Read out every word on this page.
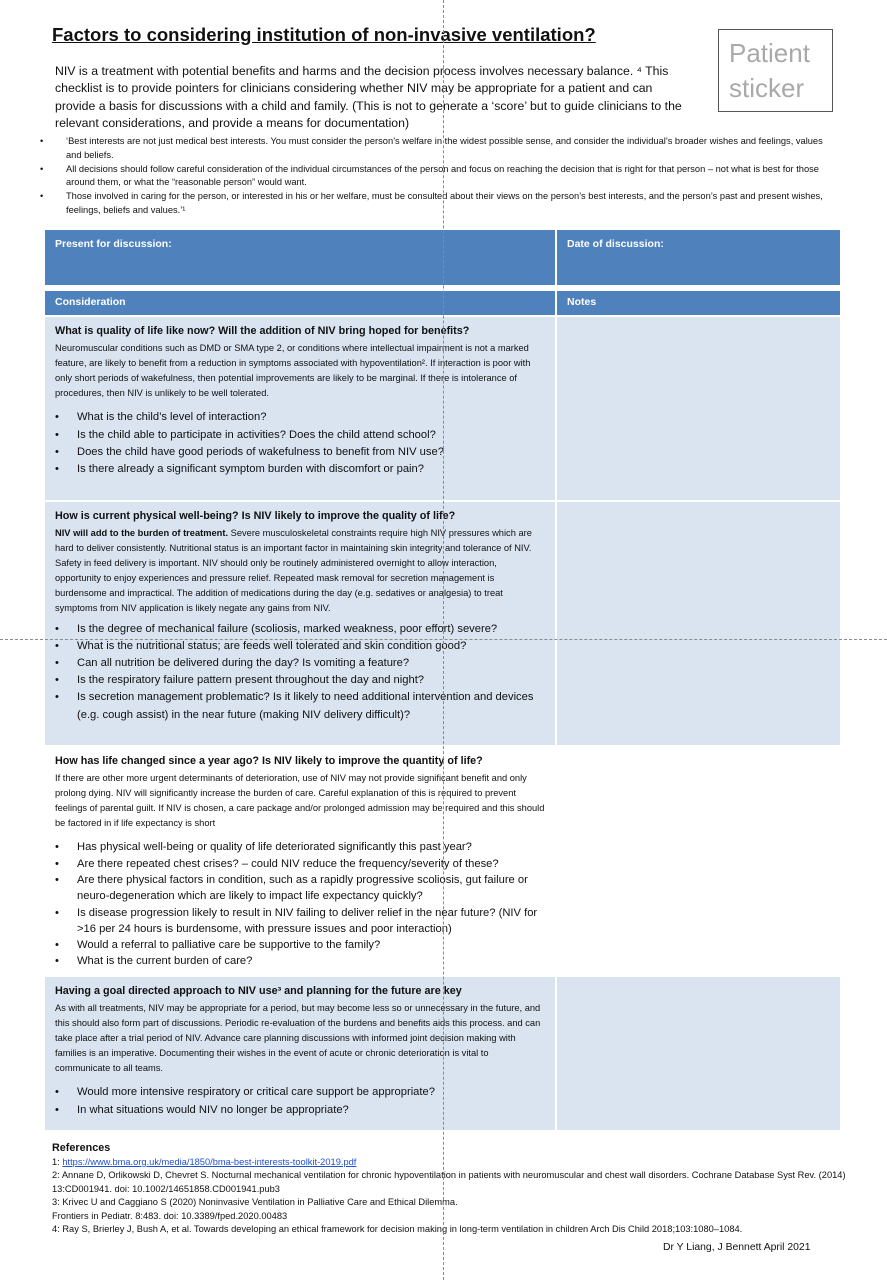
Factors to considering institution of non-invasive ventilation?
Patient
sticker
NIV is a treatment with potential benefits and harms and the decision process involves necessary balance. ⁴ This checklist is to provide pointers for clinicians considering whether NIV may be appropriate for a patient and can provide a basis for discussions with a child and family. (This is not to generate a ‘score’ but to guide clinicians to the relevant considerations, and provide a means for documentation)
• ‘Best interests are not just medical best interests. You must consider the person’s welfare in the widest possible sense, and consider the individual’s broader wishes and feelings, values and beliefs.
• All decisions should follow careful consideration of the individual circumstances of the person and focus on reaching the decision that is right for that person – not what is best for those around them, or what the “reasonable person” would want.
• Those involved in caring for the person, or interested in his or her welfare, must be consulted about their views on the person’s best interests, and the person’s past and present wishes, feelings, beliefs and values.’¹
Present for discussion:	Date of discussion:
Consideration	Notes
What is quality of life like now? Will the addition of NIV bring hoped for benefits?

Neuromuscular conditions such as DMD or SMA type 2, or conditions where intellectual impairment is not a marked feature, are likely to benefit from a reduction in symptoms associated with hypoventilation². If interaction is poor with only short periods of wakefulness, then potential improvements are likely to be marginal. If there is intolerance of procedures, then NIV is unlikely to be well tolerated.

• What is the child’s level of interaction?
• Is the child able to participate in activities? Does the child attend school?
• Does the child have good periods of wakefulness to benefit from NIV use?
• Is there already a significant symptom burden with discomfort or pain?
How is current physical well-being? Is NIV likely to improve the quality of life?

NIV will add to the burden of treatment. Severe musculoskeletal constraints require high NIV pressures which are hard to deliver consistently. Nutritional status is an important factor in maintaining skin integrity and tolerance of NIV. Safety in feed delivery is important. NIV should only be routinely administered overnight to allow interaction, opportunity to enjoy experiences and pressure relief. Repeated mask removal for secretion management is burdensome and impractical. The addition of medications during the day (e.g. sedatives or analgesia) to treat symptoms from NIV application is likely negate any gains from NIV.

• Is the degree of mechanical failure (scoliosis, marked weakness, poor effort) severe?
• What is the nutritional status; are feeds well tolerated and skin condition good?
• Can all nutrition be delivered during the day? Is vomiting a feature?
• Is the respiratory failure pattern present throughout the day and night?
• Is secretion management problematic? Is it likely to need additional intervention and devices (e.g. cough assist) in the near future (making NIV delivery difficult)?
How has life changed since a year ago? Is NIV likely to improve the quantity of life?

If there are other more urgent determinants of deterioration, use of NIV may not provide significant benefit and only prolong dying. NIV will significantly increase the burden of care. Careful explanation of this is required to prevent feelings of parental guilt. If NIV is chosen, a care package and/or prolonged admission may be required and this should be factored in if life expectancy is short

• Has physical well-being or quality of life deteriorated significantly this past year?
• Are there repeated chest crises? – could NIV reduce the frequency/severity of these?
• Are there physical factors in condition, such as a rapidly progressive scoliosis, gut failure or neuro-degeneration which are likely to impact life expectancy quickly?
• Is disease progression likely to result in NIV failing to deliver relief in the near future? (NIV for >16 per 24 hours is burdensome, with pressure issues and poor interaction)
• Would a referral to palliative care be supportive to the family?
• What is the current burden of care?
Having a goal directed approach to NIV use³ and planning for the future are key

As with all treatments, NIV may be appropriate for a period, but may become less so or unnecessary in the future, and this should also form part of discussions. Periodic re-evaluation of the burdens and benefits aids this process. and can take place after a trial period of NIV. Advance care planning discussions with informed joint decision making with families is an imperative. Documenting their wishes in the event of acute or chronic deterioration is vital to communicate to all teams.

• Would more intensive respiratory or critical care support be appropriate?
• In what situations would NIV no longer be appropriate?
References
1: https://www.bma.org.uk/media/1850/bma-best-interests-toolkit-2019.pdf
2: Annane D, Orlikowski D, Chevret S. Nocturnal mechanical ventilation for chronic hypoventilation in patients with neuromuscular and chest wall disorders. Cochrane Database Syst Rev. (2014) 13:CD001941. doi: 10.1002/14651858.CD001941.pub3
3: Krivec U and Caggiano S (2020) Noninvasive Ventilation in Palliative Care and Ethical Dilemma.
Frontiers in Pediatr. 8:483. doi: 10.3389/fped.2020.00483
4: Ray S, Brierley J, Bush A, et al. Towards developing an ethical framework for decision making in long-term ventilation in children Arch Dis Child 2018;103:1080–1084.
Dr Y Liang, J Bennett April 2021
